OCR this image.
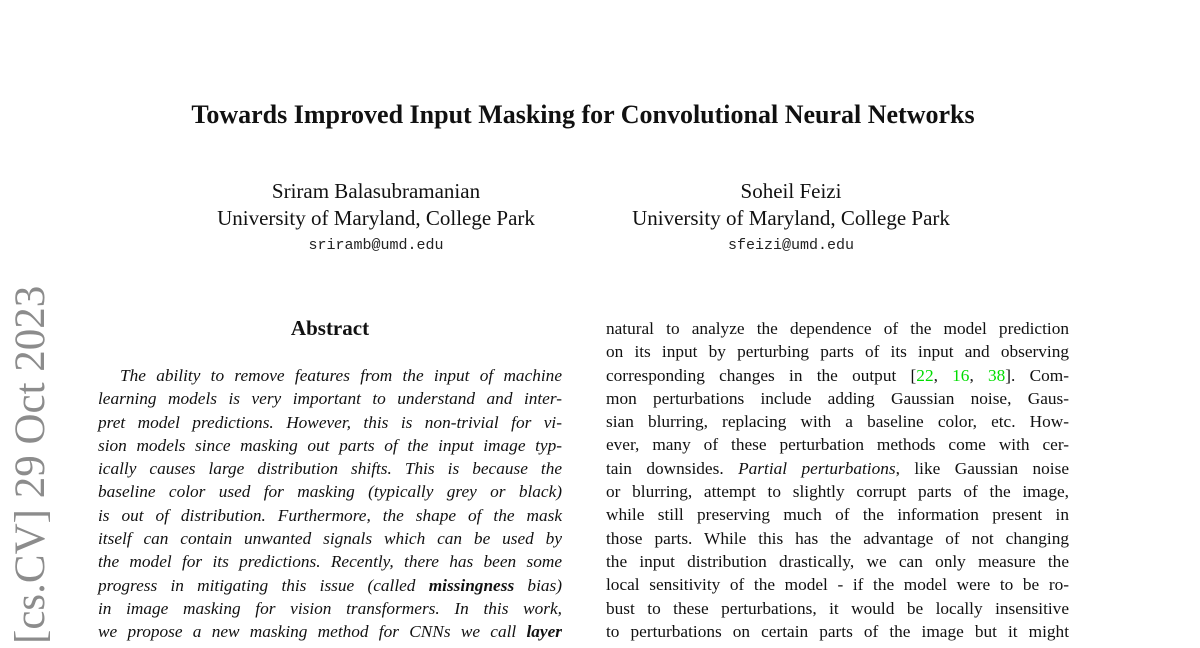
Towards Improved Input Masking for Convolutional Neural Networks
Sriram Balasubramanian
University of Maryland, College Park
sriramb@umd.edu
Soheil Feizi
University of Maryland, College Park
sfeizi@umd.edu
[cs.CV] 29 Oct 2023	Abstract
The ability to remove features from the input of machine
learning models is very important to understand and inter-
pret model predictions. However, this is non-trivial for vi-
sion models since masking out parts of the input image typ-
ically causes large distribution shifts. This is because the
baseline color used for masking (typically grey or black)
is out of distribution. Furthermore, the shape of the mask
itself can contain unwanted signals which can be used by
the model for its predictions. Recently, there has been some
progress in mitigating this issue (called missingness bias)
in image masking for vision transformers. In this work,
we propose a new masking method for CNNs we call layer
natural to analyze the dependence of the model prediction
on its input by perturbing parts of its input and observing
corresponding changes in the output [22, 16, 38]. Com-
mon perturbations include adding Gaussian noise, Gaus-
sian blurring, replacing with a baseline color, etc. How-
ever, many of these perturbation methods come with cer-
tain downsides. Partial perturbations, like Gaussian noise
or blurring, attempt to slightly corrupt parts of the image,
while still preserving much of the information present in
those parts. While this has the advantage of not changing
the input distribution drastically, we can only measure the
local sensitivity of the model - if the model were to be ro-
bust to these perturbations, it would be locally insensitive
to perturbations on certain parts of the image but it might
